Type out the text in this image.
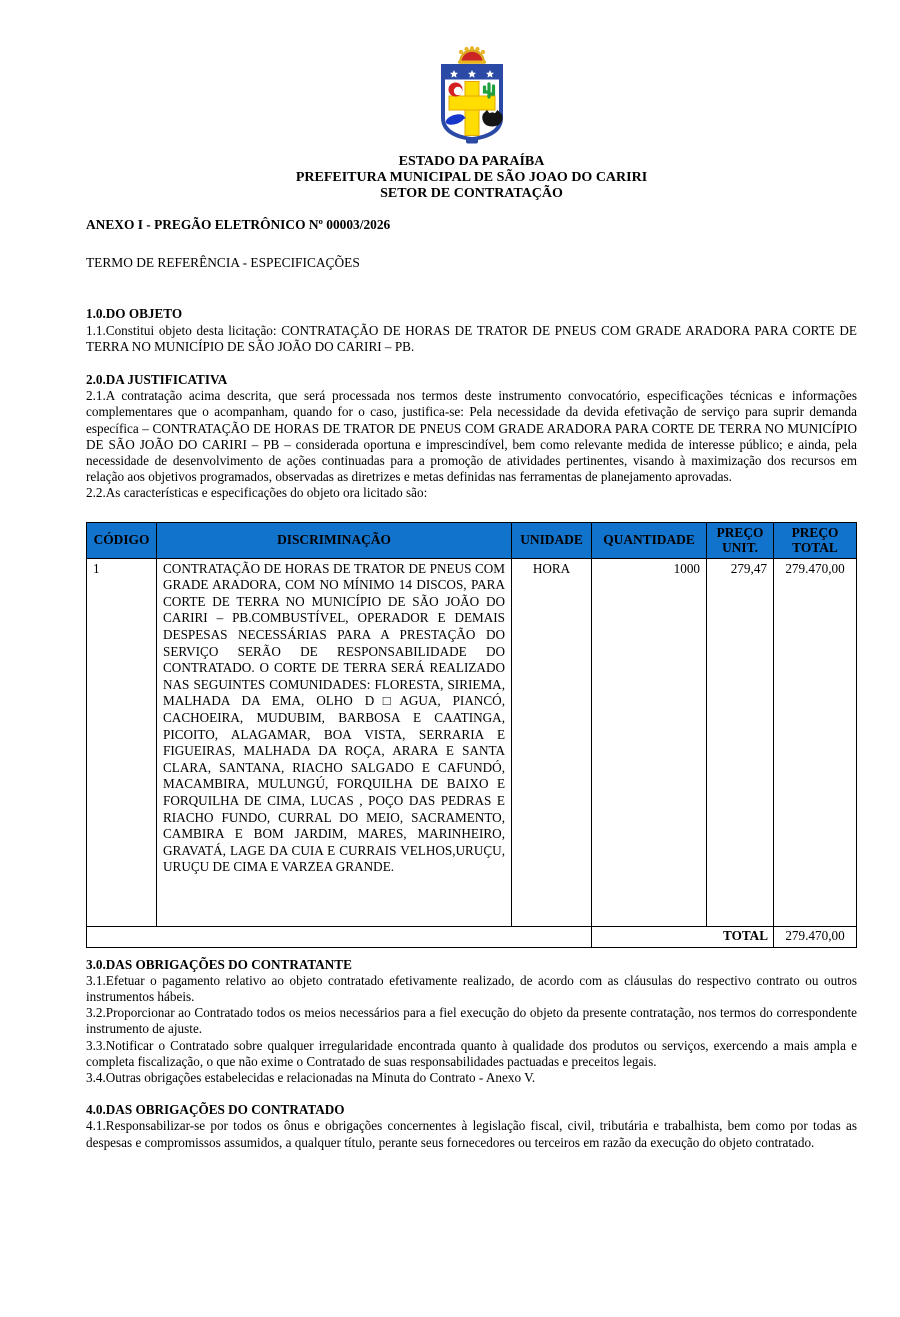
ESTADO DA PARAÍBA
PREFEITURA MUNICIPAL DE SÃO JOAO DO CARIRI
SETOR DE CONTRATAÇÃO

ANEXO I - PREGÃO ELETRÔNICO Nº 00003/2026

TERMO DE REFERÊNCIA - ESPECIFICAÇÕES

1.0.DO OBJETO

1.1.Constitui objeto desta licitação: CONTRATAÇÃO DE HORAS DE TRATOR DE PNEUS COM GRADE ARADORA PARA CORTE DE TERRA NO MUNICÍPIO DE SÃO JOÃO DO CARIRI – PB.

2.0.DA JUSTIFICATIVA

2.1.A contratação acima descrita, que será processada nos termos deste instrumento convocatório, especificações técnicas e informações complementares que o acompanham, quando for o caso, justifica-se: Pela necessidade da devida efetivação de serviço para suprir demanda específica – CONTRATAÇÃO DE HORAS DE TRATOR DE PNEUS COM GRADE ARADORA PARA CORTE DE TERRA NO MUNICÍPIO DE SÃO JOÃO DO CARIRI – PB – considerada oportuna e imprescindível, bem como relevante medida de interesse público; e ainda, pela necessidade de desenvolvimento de ações continuadas para a promoção de atividades pertinentes, visando à maximização dos recursos em relação aos objetivos programados, observadas as diretrizes e metas definidas nas ferramentas de planejamento aprovadas.

2.2.As características e especificações do objeto ora licitado são:

CÓDIGO	DISCRIMINAÇÃO	UNIDADE	QUANTIDADE	PREÇO UNIT.	PREÇO TOTAL
1	CONTRATAÇÃO DE HORAS DE TRATOR DE PNEUS COM GRADE ARADORA, COM NO MÍNIMO 14 DISCOS, PARA CORTE DE TERRA NO MUNICÍPIO DE SÃO JOÃO DO CARIRI – PB.COMBUSTÍVEL, OPERADOR E DEMAIS DESPESAS NECESSÁRIAS PARA A PRESTAÇÃO DO SERVIÇO SERÃO DE RESPONSABILIDADE DO CONTRATADO. O CORTE DE TERRA SERÁ REALIZADO NAS SEGUINTES COMUNIDADES: FLORESTA, SIRIEMA, MALHADA DA EMA, OLHO D□AGUA, PIANCÓ, CACHOEIRA, MUDUBIM, BARBOSA E CAATINGA, PICOITO, ALAGAMAR, BOA VISTA, SERRARIA E FIGUEIRAS, MALHADA DA ROÇA, ARARA E SANTA CLARA, SANTANA, RIACHO SALGADO E CAFUNDÓ, MACAMBIRA, MULUNGÚ, FORQUILHA DE BAIXO E FORQUILHA DE CIMA, LUCAS , POÇO DAS PEDRAS E RIACHO FUNDO, CURRAL DO MEIO, SACRAMENTO, CAMBIRA E BOM JARDIM, MARES, MARINHEIRO, GRAVATÁ, LAGE DA CUIA E CURRAIS VELHOS,URUÇU, URUÇU DE CIMA E VARZEA GRANDE.	HORA	1000	279,47	279.470,00
			TOTAL		279.470,00

3.0.DAS OBRIGAÇÕES DO CONTRATANTE

3.1.Efetuar o pagamento relativo ao objeto contratado efetivamente realizado, de acordo com as cláusulas do respectivo contrato ou outros instrumentos hábeis.

3.2.Proporcionar ao Contratado todos os meios necessários para a fiel execução do objeto da presente contratação, nos termos do correspondente instrumento de ajuste.

3.3.Notificar o Contratado sobre qualquer irregularidade encontrada quanto à qualidade dos produtos ou serviços, exercendo a mais ampla e completa fiscalização, o que não exime o Contratado de suas responsabilidades pactuadas e preceitos legais.

3.4.Outras obrigações estabelecidas e relacionadas na Minuta do Contrato - Anexo V.

4.0.DAS OBRIGAÇÕES DO CONTRATADO

4.1.Responsabilizar-se por todos os ônus e obrigações concernentes à legislação fiscal, civil, tributária e trabalhista, bem como por todas as despesas e compromissos assumidos, a qualquer título, perante seus fornecedores ou terceiros em razão da execução do objeto contratado.
